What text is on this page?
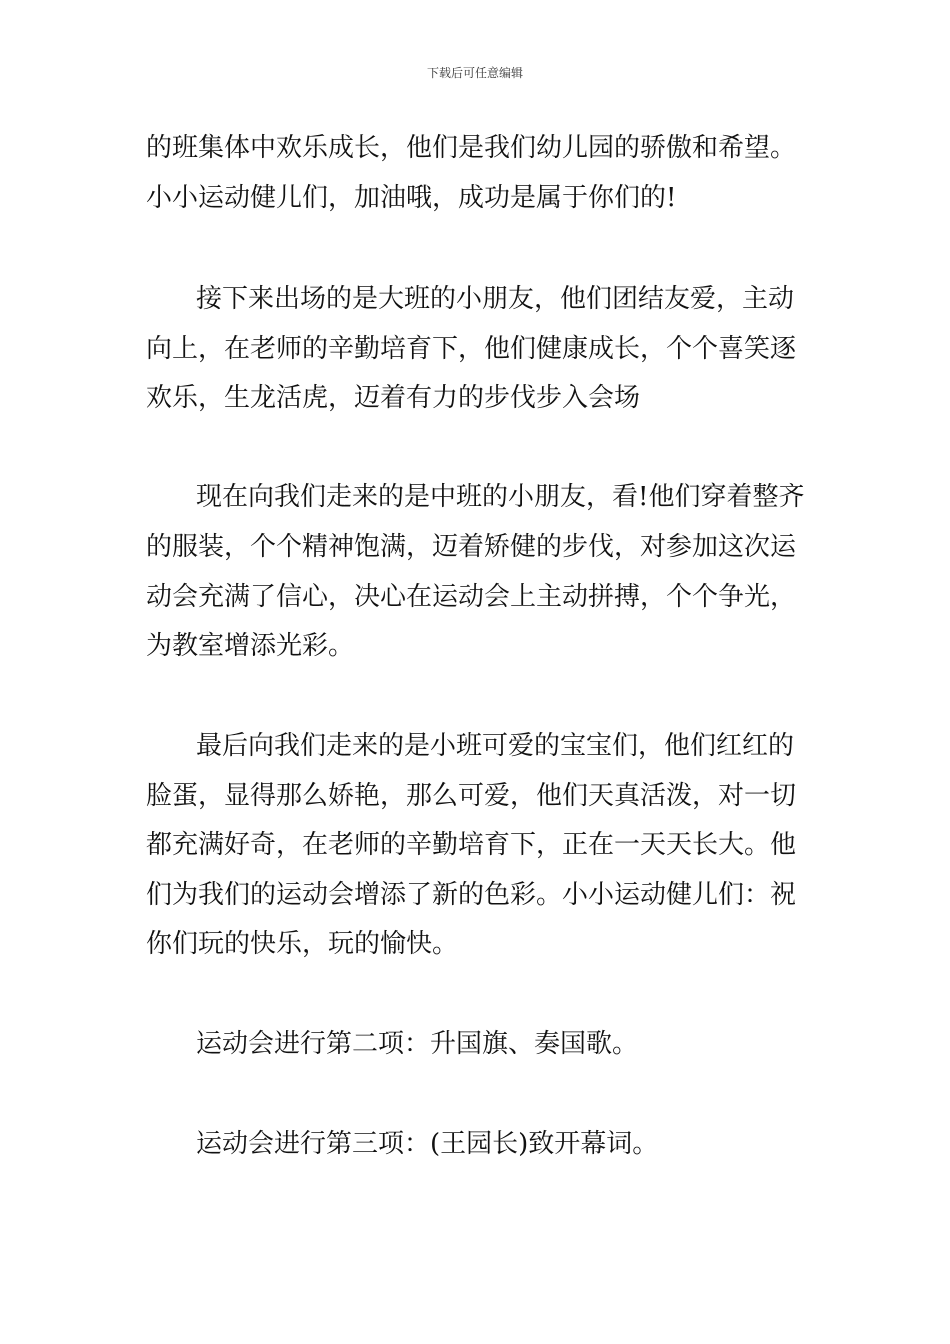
下载后可任意编辑
的班集体中欢乐成长，他们是我们幼儿园的骄傲和希望。
小小运动健儿们，加油哦，成功是属于你们的!
接下来出场的是大班的小朋友，他们团结友爱，主动
向上，在老师的辛勤培育下，他们健康成长，个个喜笑逐
欢乐，生龙活虎，迈着有力的步伐步入会场
现在向我们走来的是中班的小朋友，看!他们穿着整齐
的服装，个个精神饱满，迈着矫健的步伐，对参加这次运
动会充满了信心，决心在运动会上主动拼搏，个个争光，
为教室增添光彩。
最后向我们走来的是小班可爱的宝宝们，他们红红的
脸蛋，显得那么娇艳，那么可爱，他们天真活泼，对一切
都充满好奇，在老师的辛勤培育下，正在一天天长大。他
们为我们的运动会增添了新的色彩。小小运动健儿们：祝
你们玩的快乐，玩的愉快。
运动会进行第二项：升国旗、奏国歌。
运动会进行第三项：(王园长)致开幕词。
